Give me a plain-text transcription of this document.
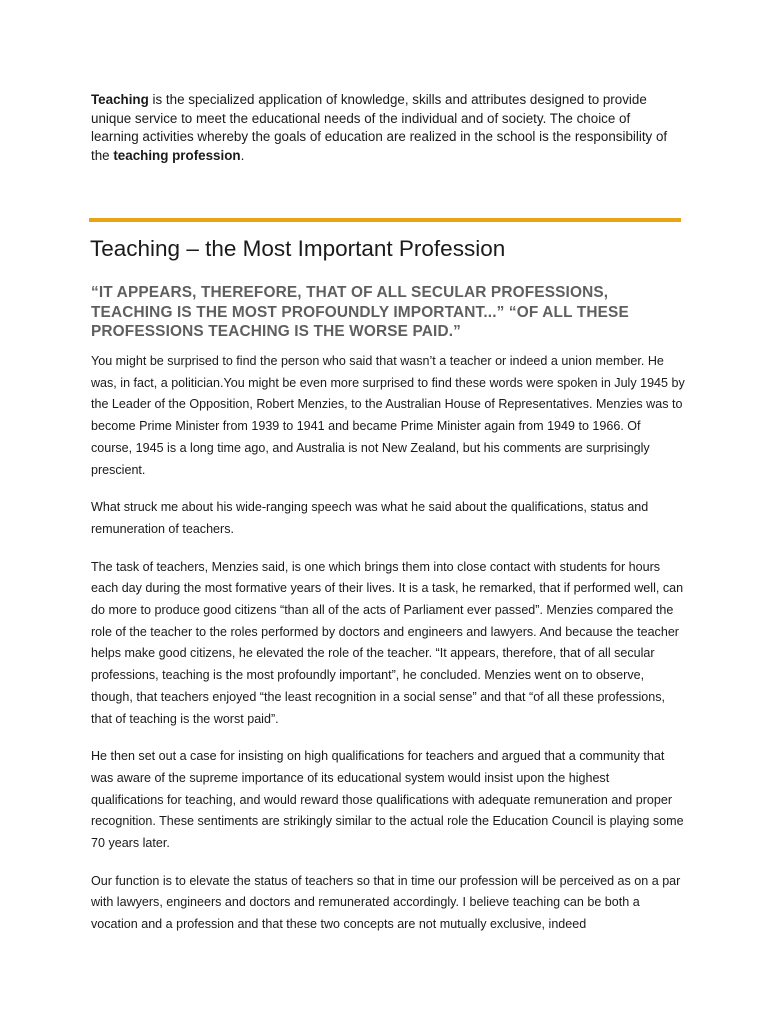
Teaching is the specialized application of knowledge, skills and attributes designed to provide unique service to meet the educational needs of the individual and of society. The choice of learning activities whereby the goals of education are realized in the school is the responsibility of the teaching profession.
Teaching – the Most Important Profession
“IT APPEARS, THEREFORE, THAT OF ALL SECULAR PROFESSIONS, TEACHING IS THE MOST PROFOUNDLY IMPORTANT...” “OF ALL THESE PROFESSIONS TEACHING IS THE WORSE PAID.”

You might be surprised to find the person who said that wasn’t a teacher or indeed a union member. He was, in fact, a politician.You might be even more surprised to find these words were spoken in July 1945 by the Leader of the Opposition, Robert Menzies, to the Australian House of Representatives. Menzies was to become Prime Minister from 1939 to 1941 and became Prime Minister again from 1949 to 1966. Of course, 1945 is a long time ago, and Australia is not New Zealand, but his comments are surprisingly prescient.

What struck me about his wide-ranging speech was what he said about the qualifications, status and remuneration of teachers.

The task of teachers, Menzies said, is one which brings them into close contact with students for hours each day during the most formative years of their lives. It is a task, he remarked, that if performed well, can do more to produce good citizens “than all of the acts of Parliament ever passed”. Menzies compared the role of the teacher to the roles performed by doctors and engineers and lawyers. And because the teacher helps make good citizens, he elevated the role of the teacher. “It appears, therefore, that of all secular professions, teaching is the most profoundly important”, he concluded. Menzies went on to observe, though, that teachers enjoyed “the least recognition in a social sense” and that “of all these professions, that of teaching is the worst paid”.

He then set out a case for insisting on high qualifications for teachers and argued that a community that was aware of the supreme importance of its educational system would insist upon the highest qualifications for teaching, and would reward those qualifications with adequate remuneration and proper recognition. These sentiments are strikingly similar to the actual role the Education Council is playing some 70 years later.

Our function is to elevate the status of teachers so that in time our profession will be perceived as on a par with lawyers, engineers and doctors and remunerated accordingly. I believe teaching can be both a vocation and a profession and that these two concepts are not mutually exclusive, indeed
